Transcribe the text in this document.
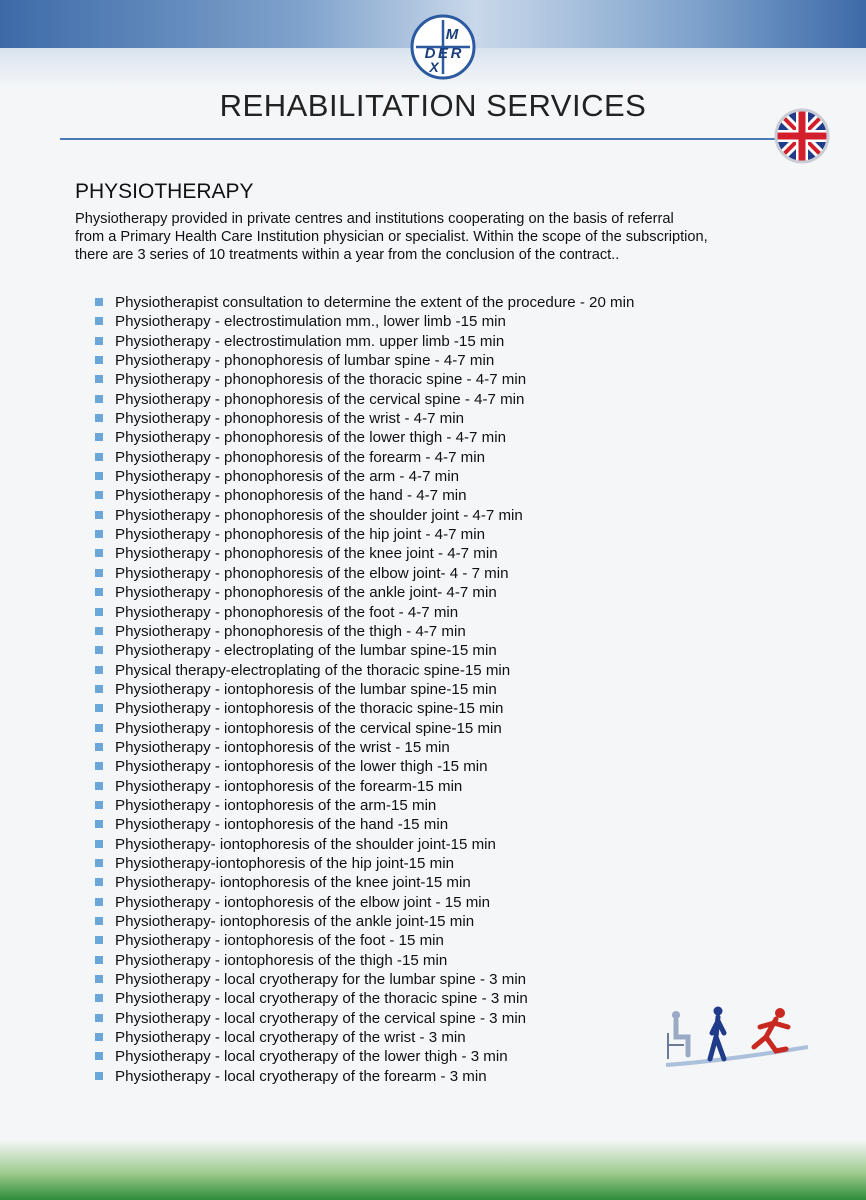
M
D E R
X
REHABILITATION SERVICES
PHYSIOTHERAPY

Physiotherapy provided in private centres and institutions cooperating on the basis of referral
from a Primary Health Care Institution physician or specialist. Within the scope of the subscription,
there are 3 series of 10 treatments within a year from the conclusion of the contract..

Physiotherapist consultation to determine the extent of the procedure - 20 min
Physiotherapy - electrostimulation mm., lower limb -15 min
Physiotherapy - electrostimulation mm. upper limb -15 min
Physiotherapy - phonophoresis of lumbar spine - 4-7 min
Physiotherapy - phonophoresis of the thoracic spine - 4-7 min
Physiotherapy - phonophoresis of the cervical spine - 4-7 min
Physiotherapy - phonophoresis of the wrist - 4-7 min
Physiotherapy - phonophoresis of the lower thigh - 4-7 min
Physiotherapy - phonophoresis of the forearm - 4-7 min
Physiotherapy - phonophoresis of the arm - 4-7 min
Physiotherapy - phonophoresis of the hand - 4-7 min
Physiotherapy - phonophoresis of the shoulder joint - 4-7 min
Physiotherapy - phonophoresis of the hip joint - 4-7 min
Physiotherapy - phonophoresis of the knee joint - 4-7 min
Physiotherapy - phonophoresis of the elbow joint- 4 - 7 min
Physiotherapy - phonophoresis of the ankle joint- 4-7 min
Physiotherapy - phonophoresis of the foot - 4-7 min
Physiotherapy - phonophoresis of the thigh - 4-7 min
Physiotherapy - electroplating of the lumbar spine-15 min
Physical therapy-electroplating of the thoracic spine-15 min
Physiotherapy - iontophoresis of the lumbar spine-15 min
Physiotherapy - iontophoresis of the thoracic spine-15 min
Physiotherapy - iontophoresis of the cervical spine-15 min
Physiotherapy - iontophoresis of the wrist - 15 min
Physiotherapy - iontophoresis of the lower thigh -15 min
Physiotherapy - iontophoresis of the forearm-15 min
Physiotherapy - iontophoresis of the arm-15 min
Physiotherapy - iontophoresis of the hand -15 min
Physiotherapy- iontophoresis of the shoulder joint-15 min
Physiotherapy-iontophoresis of the hip joint-15 min
Physiotherapy- iontophoresis of the knee joint-15 min
Physiotherapy - iontophoresis of the elbow joint - 15 min
Physiotherapy- iontophoresis of the ankle joint-15 min
Physiotherapy - iontophoresis of the foot - 15 min
Physiotherapy - iontophoresis of the thigh -15 min
Physiotherapy - local cryotherapy for the lumbar spine - 3 min
Physiotherapy - local cryotherapy of the thoracic spine - 3 min
Physiotherapy - local cryotherapy of the cervical spine - 3 min
Physiotherapy - local cryotherapy of the wrist - 3 min
Physiotherapy - local cryotherapy of the lower thigh - 3 min
Physiotherapy - local cryotherapy of the forearm - 3 min
